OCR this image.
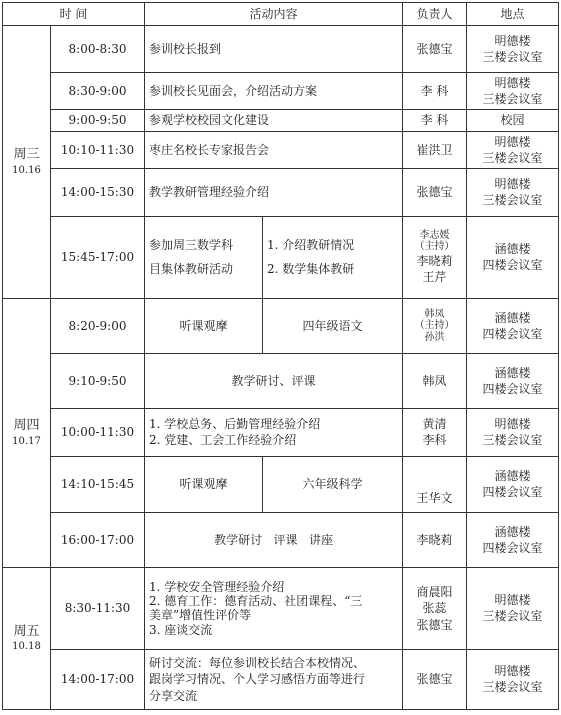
时 间		活动内容		负责人	地点
周三
10.16	8:00-8:30	参训校长报到		张德宝	明德楼
三楼会议室

	8:30-9:00	参训校长见面会，介绍活动方案		李 科	明德楼
三楼会议室

	9:00-9:50	参观学校校园文化建设		李 科	校园
	10:10-11:30	枣庄名校长专家报告会		崔洪卫	明德楼
三楼会议室

	14:00-15:30	教学教研管理经验介绍		张德宝	明德楼
三楼会议室

	15:45-17:00	参加周三数学科
目集体教研活动	1. 介绍教研情况
2. 数学集体教研	李志媛
（主持）
李晓莉
王芹	涵德楼
四楼会议室

周四
10.17	8:20-9:00	听课观摩	四年级语文	韩凤
（主持）
孙洪	涵德楼
四楼会议室

	9:10-9:50	教学研讨、评课		韩凤	涵德楼
四楼会议室

	10:00-11:30	1. 学校总务、后勤管理经验介绍
2. 党建、工会工作经验介绍		黄清
李科	明德楼
三楼会议室

	14:10-15:45	听课观摩	六年级科学	王华文	涵德楼
四楼会议室

	16:00-17:00	教学研讨   评课   讲座		李晓莉	涵德楼
四楼会议室

周五
10.18	8:30-11:30	1. 学校安全管理经验介绍
2. 德育工作：德育活动、社团课程、“三
美章”增值性评价等
3. 座谈交流		商晨阳
张蕊
张德宝	明德楼
三楼会议室

	14:00-17:00	研讨交流：每位参训校长结合本校情况、
跟岗学习情况、个人学习感悟方面等进行
分享交流		张德宝	明德楼
三楼会议室
